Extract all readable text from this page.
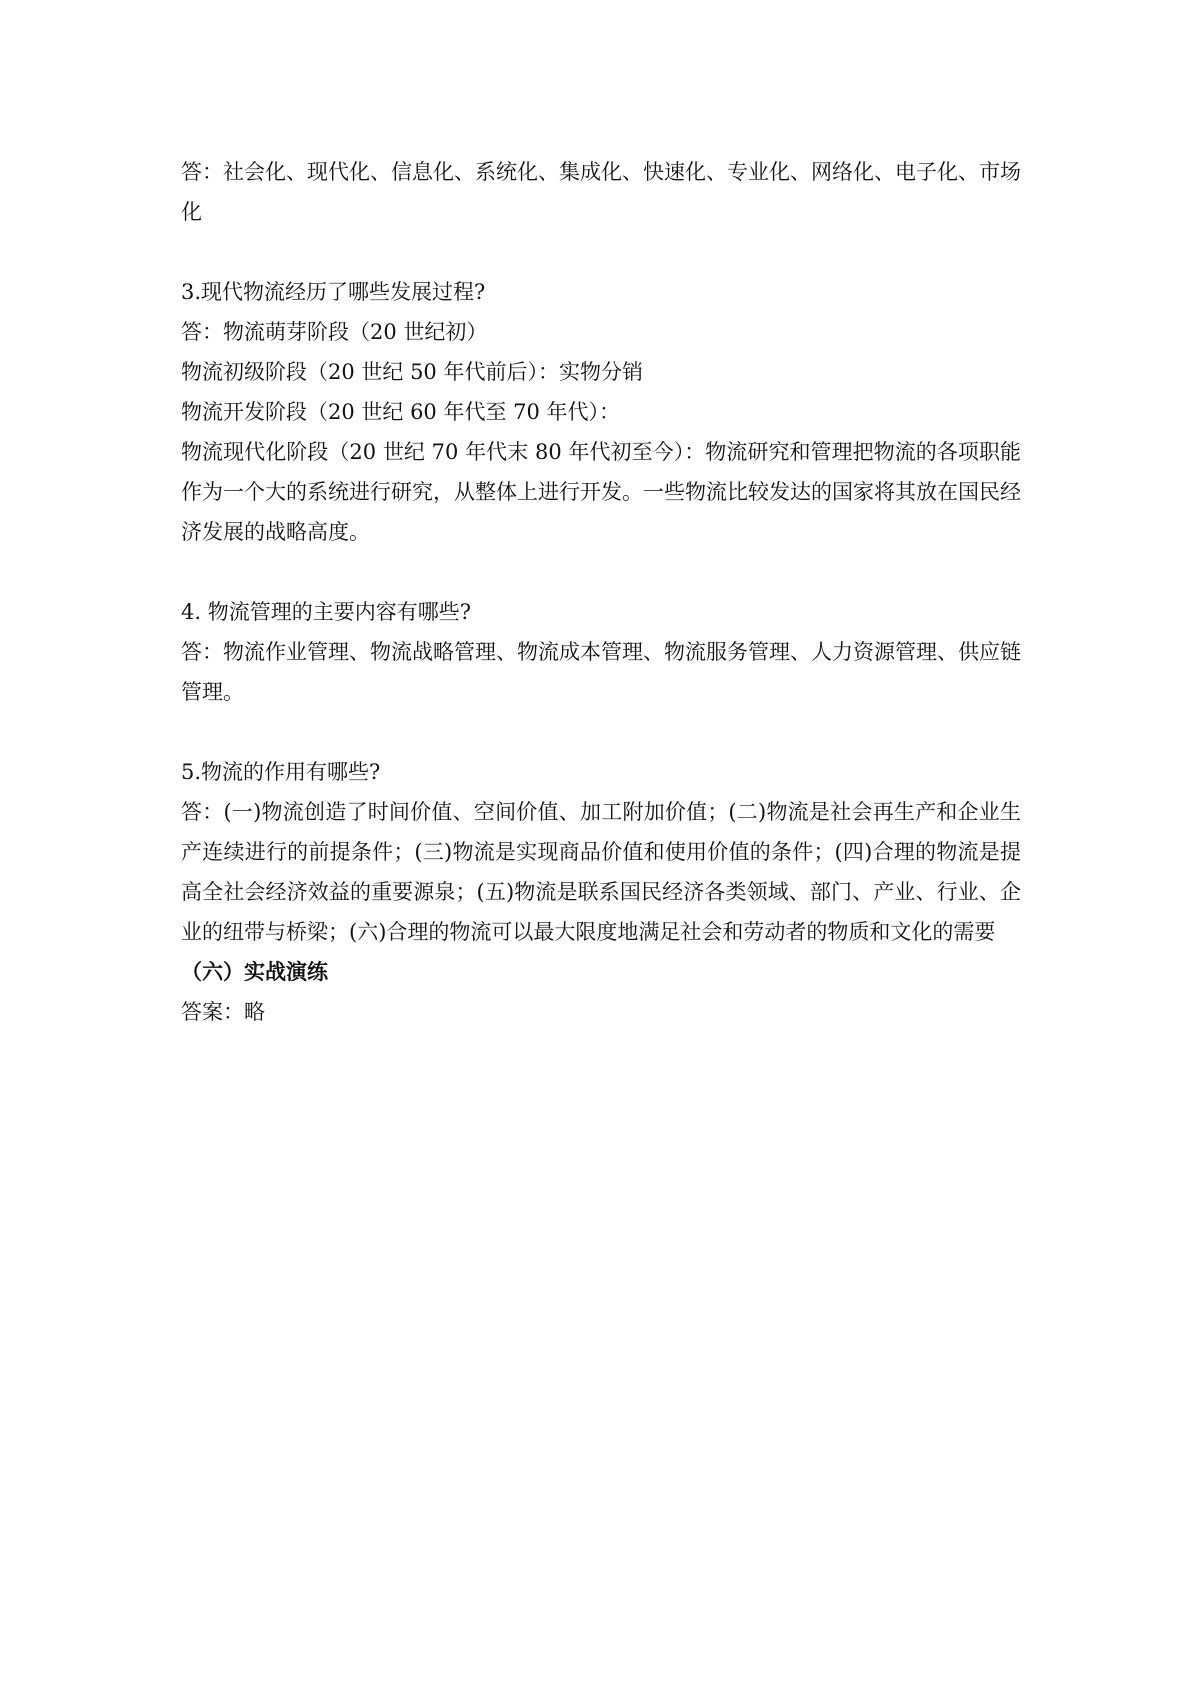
答：社会化、现代化、信息化、系统化、集成化、快速化、专业化、网络化、电子化、市场化

3.现代物流经历了哪些发展过程?

答：物流萌芽阶段（20 世纪初）

物流初级阶段（20 世纪 50 年代前后）：实物分销

物流开发阶段（20 世纪 60 年代至 70 年代）：

物流现代化阶段（20 世纪 70 年代末 80 年代初至今）：物流研究和管理把物流的各项职能作为一个大的系统进行研究，从整体上进行开发。一些物流比较发达的国家将其放在国民经济发展的战略高度。

4. 物流管理的主要内容有哪些?

答：物流作业管理、物流战略管理、物流成本管理、物流服务管理、人力资源管理、供应链管理。

5.物流的作用有哪些?

答：(一)物流创造了时间价值、空间价值、加工附加价值；(二)物流是社会再生产和企业生产连续进行的前提条件；(三)物流是实现商品价值和使用价值的条件；(四)合理的物流是提高全社会经济效益的重要源泉；(五)物流是联系国民经济各类领域、部门、产业、行业、企业的纽带与桥梁；(六)合理的物流可以最大限度地满足社会和劳动者的物质和文化的需要

（六）实战演练

答案：略
